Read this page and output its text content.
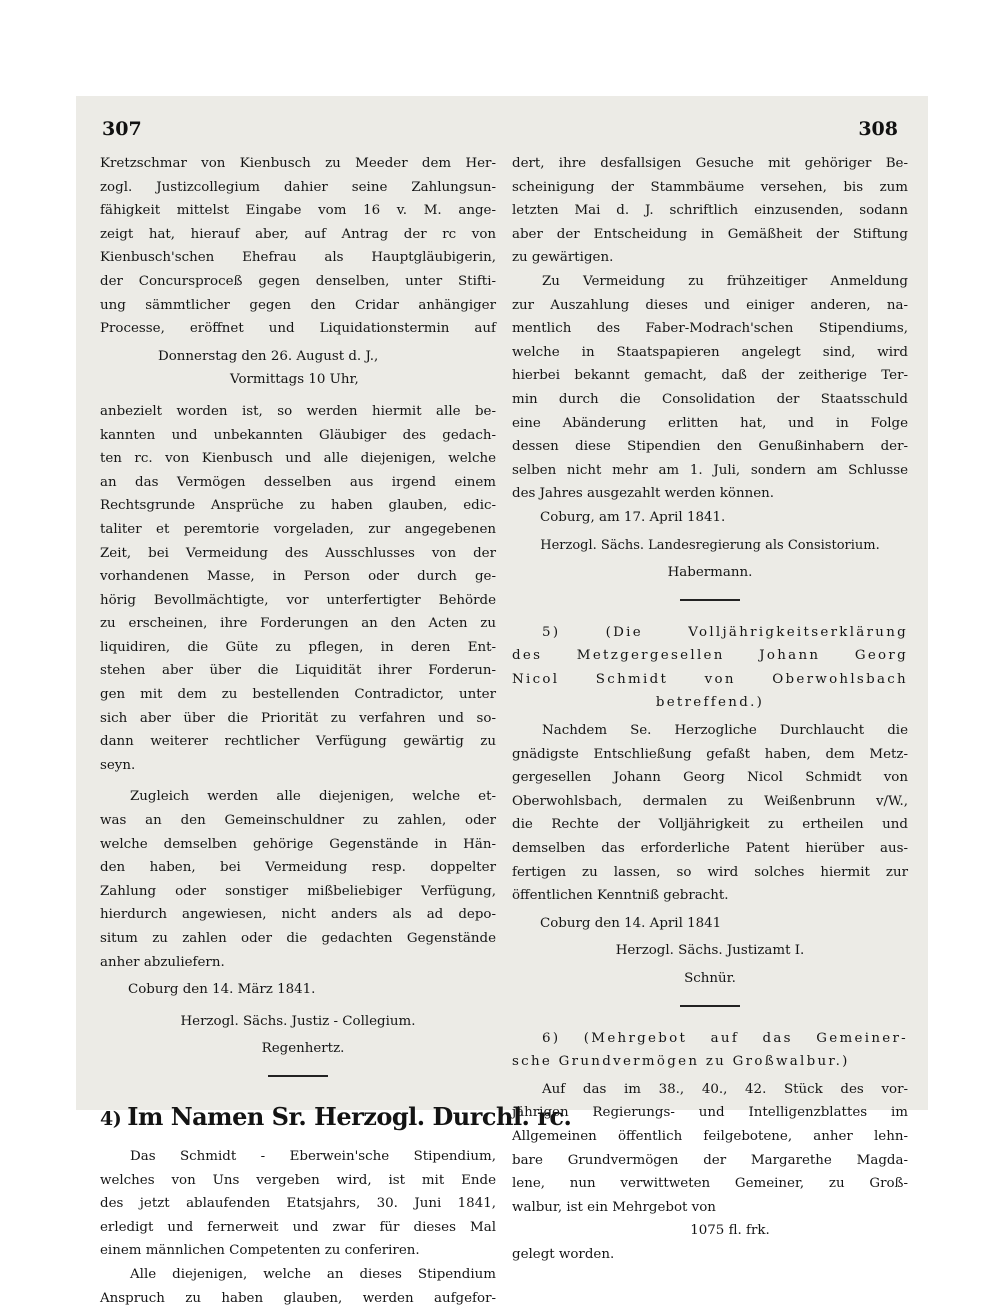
307	308
Kretzschmar von Kienbusch zu Meeder dem Her-
zogl. Justizcollegium dahier seine Zahlungsun-
fähigkeit mittelst Eingabe vom 16 v. M. ange-
zeigt hat, hierauf aber, auf Antrag der rc von
Kienbusch'schen Ehefrau als Hauptgläubigerin,
der Concursproceß gegen denselben, unter Stifti-
ung sämmtlicher gegen den Cridar anhängiger
Processe, eröffnet und Liquidationstermin auf
Donnerstag den 26. August d. J.,
Vormittags 10 Uhr,
anbezielt worden ist, so werden hiermit alle be-
kannten und unbekannten Gläubiger des gedach-
ten rc. von Kienbusch und alle diejenigen, welche
an das Vermögen desselben aus irgend einem
Rechtsgrunde Ansprüche zu haben glauben, edic-
taliter et peremtorie vorgeladen, zur angegebenen
Zeit, bei Vermeidung des Ausschlusses von der
vorhandenen Masse, in Person oder durch ge-
hörig Bevollmächtigte, vor unterfertigter Behörde
zu erscheinen, ihre Forderungen an den Acten zu
liquidiren, die Güte zu pflegen, in deren Ent-
stehen aber über die Liquidität ihrer Forderun-
gen mit dem zu bestellenden Contradictor, unter
sich aber über die Priorität zu verfahren und so-
dann weiterer rechtlicher Verfügung gewärtig zu
seyn.
Zugleich werden alle diejenigen, welche et-
was an den Gemeinschuldner zu zahlen, oder
welche demselben gehörige Gegenstände in Hän-
den haben, bei Vermeidung resp. doppelter
Zahlung oder sonstiger mißbeliebiger Verfügung,
hierdurch angewiesen, nicht anders als ad depo-
situm zu zahlen oder die gedachten Gegenstände
anher abzuliefern.
Coburg den 14. März 1841.
Herzogl. Sächs. Justiz - Collegium.
Regenhertz.
4) Im Namen Sr. Herzogl. Durchl. rc.
Das Schmidt - Eberwein'sche Stipendium,
welches von Uns vergeben wird, ist mit Ende
des jetzt ablaufenden Etatsjahrs, 30. Juni 1841,
erledigt und fernerweit und zwar für dieses Mal
einem männlichen Competenten zu conferiren.
Alle diejenigen, welche an dieses Stipendium
Anspruch zu haben glauben, werden aufgefor-
dert, ihre desfallsigen Gesuche mit gehöriger Be-
scheinigung der Stammbäume versehen, bis zum
letzten Mai d. J. schriftlich einzusenden, sodann
aber der Entscheidung in Gemäßheit der Stiftung
zu gewärtigen.
Zu Vermeidung zu frühzeitiger Anmeldung
zur Auszahlung dieses und einiger anderen, na-
mentlich des Faber-Modrach'schen Stipendiums,
welche in Staatspapieren angelegt sind, wird
hierbei bekannt gemacht, daß der zeitherige Ter-
min durch die Consolidation der Staatsschuld
eine Abänderung erlitten hat, und in Folge
dessen diese Stipendien den Genußinhabern der-
selben nicht mehr am 1. Juli, sondern am Schlusse
des Jahres ausgezahlt werden können.
Coburg, am 17. April 1841.
Herzogl. Sächs. Landesregierung als Consistorium.
Habermann.
5) (Die Volljährigkeitserklärung
des Metzgergesellen Johann Georg
Nicol Schmidt von Oberwohlsbach
betreffend.)
Nachdem Se. Herzogliche Durchlaucht die
gnädigste Entschließung gefaßt haben, dem Metz-
gergesellen Johann Georg Nicol Schmidt von
Oberwohlsbach, dermalen zu Weißenbrunn v/W.,
die Rechte der Volljährigkeit zu ertheilen und
demselben das erforderliche Patent hierüber aus-
fertigen zu lassen, so wird solches hiermit zur
öffentlichen Kenntniß gebracht.
Coburg den 14. April 1841
Herzogl. Sächs. Justizamt I.
Schnür.
6) (Mehrgebot auf das Gemeiner-
sche Grundvermögen zu Großwalbur.)
Auf das im 38., 40., 42. Stück des vor-
jährigen Regierungs- und Intelligenzblattes im
Allgemeinen öffentlich feilgebotene, anher lehn-
bare Grundvermögen der Margarethe Magda-
lene, nun verwittweten Gemeiner, zu Groß-
walbur, ist ein Mehrgebot von
1075 fl. frk.
gelegt worden.
